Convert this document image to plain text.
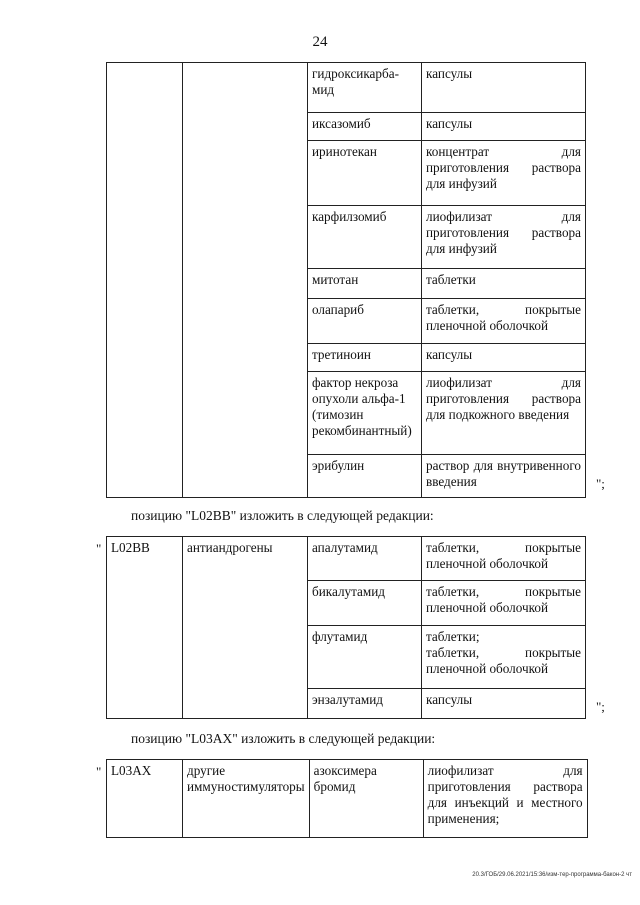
24
		гидроксикарба-мид	капсулы
		иксазомиб	капсулы
		иринотекан	концентрат для приготовления раствора для инфузий
		карфилзомиб	лиофилизат для приготовления раствора для инфузий
		митотан	таблетки
		олапариб	таблетки, покрытые пленочной оболочкой
		третиноин	капсулы
		фактор некроза опухоли альфа-1 (тимозин рекомбинантный)	лиофилизат для приготовления раствора для подкожного введения
		эрибулин	раствор для внутривенного введения	";
позицию "L02BB" изложить в следующей редакции:
" L02BB	антиандрогены	апалутамид	таблетки, покрытые пленочной оболочкой
		бикалутамид	таблетки, покрытые пленочной оболочкой
		флутамид	таблетки;
таблетки, покрытые пленочной оболочкой

		энзалутамид	капсулы	";
позицию "L03AX" изложить в следующей редакции:
" L03AX	другие иммуностимуляторы	азоксимера бромид	лиофилизат для приготовления раствора для инъекций и местного применения;
20.3/ГОБ/29.06.2021/15:36/изм-тер-программа-бакон-2 чт
